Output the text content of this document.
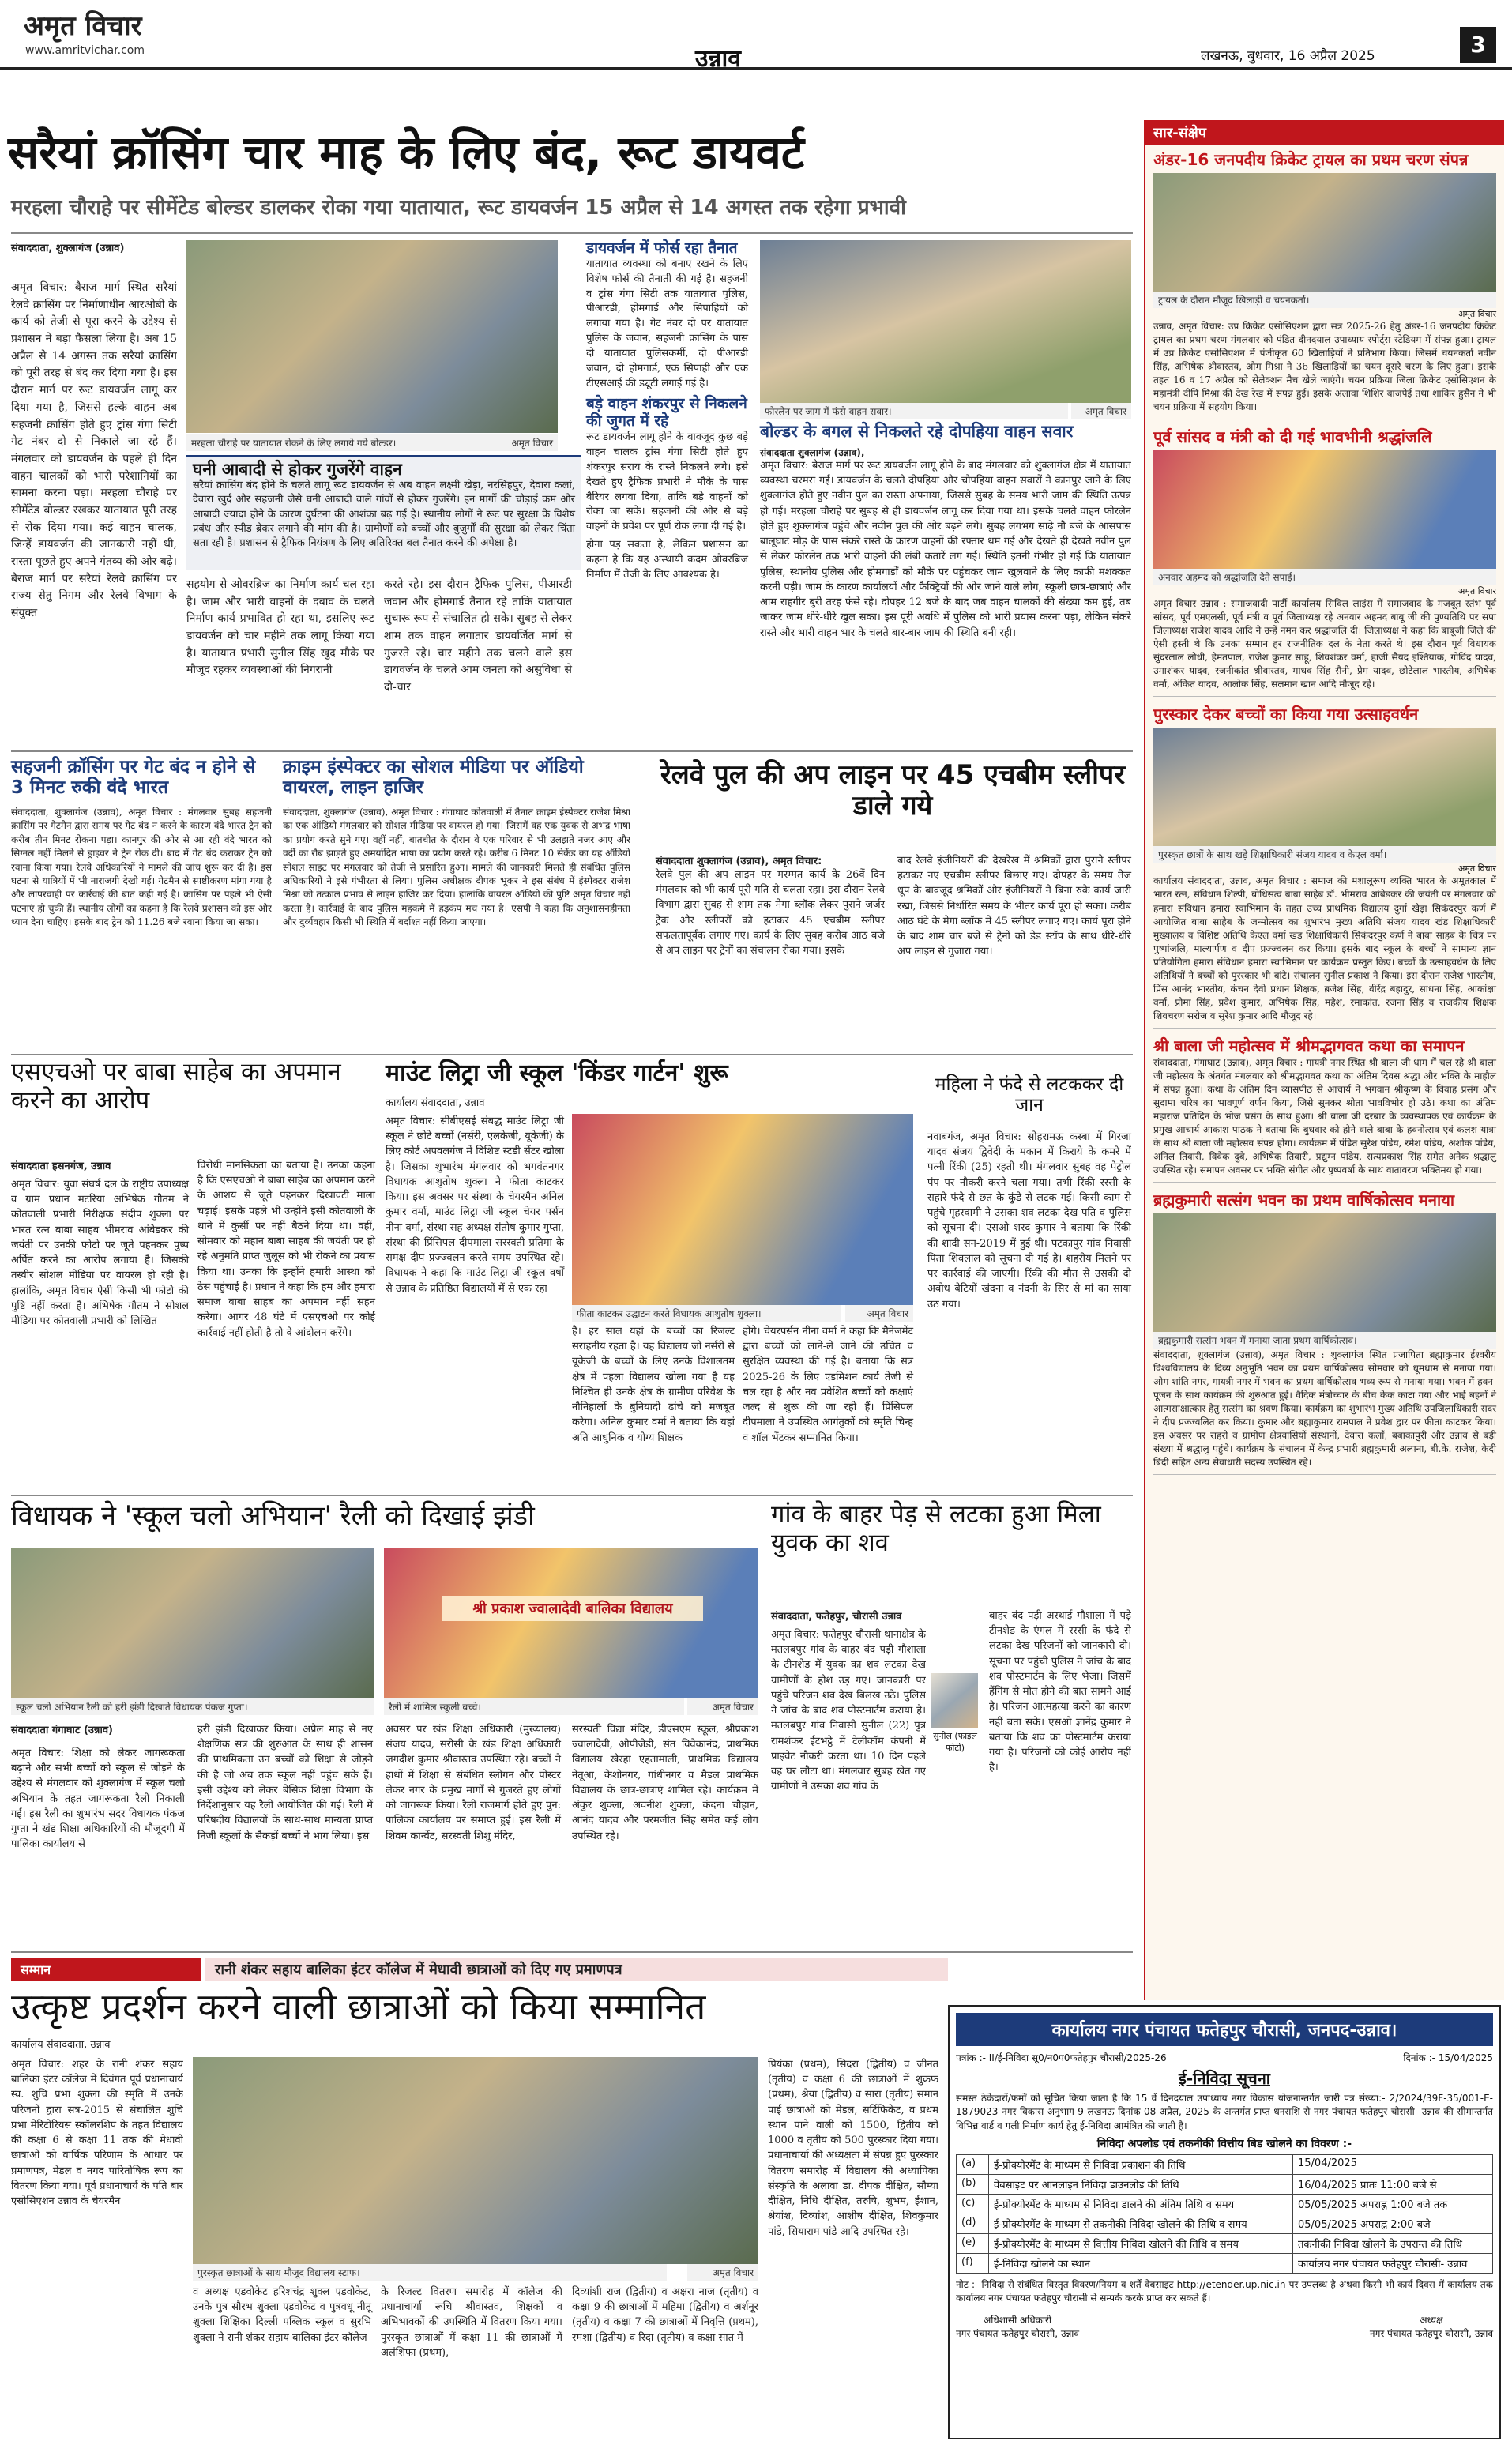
अमृत विचार
www.amritvichar.com	उन्नाव	लखनऊ, बुधवार, 16 अप्रैल 2025	3
सरैयां क्रॉसिंग चार माह के लिए बंद, रूट डायवर्ट
मरहला चौराहे पर सीमेंटेड बोल्डर डालकर रोका गया यातायात, रूट डायवर्जन 15 अप्रैल से 14 अगस्त तक रहेगा प्रभावी
संवाददाता, शुक्लागंज (उन्नाव)
अमृत विचार: बैराज मार्ग स्थित सरैयां रेलवे क्रासिंग पर निर्माणाधीन आरओबी के कार्य को तेजी से पूरा करने के उद्देश्य से प्रशासन ने बड़ा फैसला लिया है। अब 15 अप्रैल से 14 अगस्त तक सरैयां क्रासिंग को पूरी तरह से बंद कर दिया गया है। इस दौरान मार्ग पर रूट डायवर्जन लागू कर दिया गया है, जिससे हल्के वाहन अब सहजनी क्रासिंग होते हुए ट्रांस गंगा सिटी गेट नंबर दो से निकाले जा रहे हैं। मंगलवार को डायवर्जन के पहले ही दिन वाहन चालकों को भारी परेशानियों का सामना करना पड़ा। मरहला चौराहे पर सीमेंटेड बोल्डर रखकर यातायात पूरी तरह से रोक दिया गया। कई वाहन चालक, जिन्हें डायवर्जन की जानकारी नहीं थी, रास्ता पूछते हुए अपने गंतव्य की ओर बढ़े। बैराज मार्ग पर सरैयां रेलवे क्रासिंग पर राज्य सेतु निगम और रेलवे विभाग के संयुक्त
मरहला चौराहे पर यातायात रोकने के लिए लगाये गये बोल्डर।	अमृत विचार
घनी आबादी से होकर गुजरेंगे वाहन
सरैयां क्रासिंग बंद होने के चलते लागू रूट डायवर्जन से अब वाहन लक्ष्मी खेड़ा, नरसिंहपुर, देवारा कलां, देवारा खुर्द और सहजनी जैसे घनी आबादी वाले गांवों से होकर गुजरेंगे। इन मार्गों की चौड़ाई कम और आबादी ज्यादा होने के कारण दुर्घटना की आशंका बढ़ गई है। स्थानीय लोगों ने रूट पर सुरक्षा के विशेष प्रबंध और स्पीड ब्रेकर लगाने की मांग की है। ग्रामीणों को बच्चों और बुजुर्गों की सुरक्षा को लेकर चिंता सता रही है। प्रशासन से ट्रैफिक नियंत्रण के लिए अतिरिक्त बल तैनात करने की अपेक्षा है।
सहयोग से ओवरब्रिज का निर्माण कार्य चल रहा है। जाम और भारी वाहनों के दबाव के चलते निर्माण कार्य प्रभावित हो रहा था, इसलिए रूट डायवर्जन को चार महीने तक लागू किया गया है। यातायात प्रभारी सुनील सिंह खुद मौके पर मौजूद रहकर व्यवस्थाओं की निगरानी
करते रहे। इस दौरान ट्रैफिक पुलिस, पीआरडी जवान और होमगार्ड तैनात रहे ताकि यातायात सुचारू रूप से संचालित हो सके। सुबह से लेकर शाम तक वाहन लगातार डायवर्जित मार्ग से गुजरते रहे। चार महीने तक चलने वाले इस डायवर्जन के चलते आम जनता को असुविधा से दो-चार
डायवर्जन में फोर्स रहा तैनात
यातायात व्यवस्था को बनाए रखने के लिए विशेष फोर्स की तैनाती की गई है। सहजनी व ट्रांस गंगा सिटी तक यातायात पुलिस, पीआरडी, होमगार्ड और सिपाहियों को लगाया गया है। गेट नंबर दो पर यातायात पुलिस के जवान, सहजनी क्रासिंग के पास दो यातायात पुलिसकर्मी, दो पीआरडी जवान, दो होमगार्ड, एक सिपाही और एक टीएसआई की ड्यूटी लगाई गई है।
बड़े वाहन शंकरपुर से निकलने की जुगत में रहे
रूट डायवर्जन लागू होने के बावजूद कुछ बड़े वाहन चालक ट्रांस गंगा सिटी होते हुए शंकरपुर सराय के रास्ते निकलने लगे। इसे देखते हुए ट्रैफिक प्रभारी ने मौके के पास बैरियर लगवा दिया, ताकि बड़े वाहनों को रोका जा सके। सहजनी की ओर से बड़े वाहनों के प्रवेश पर पूर्ण रोक लगा दी गई है।
होना पड़ सकता है, लेकिन प्रशासन का कहना है कि यह अस्थायी कदम ओवरब्रिज निर्माण में तेजी के लिए आवश्यक है।
फोरलेन पर जाम में फंसे वाहन सवार।	अमृत विचार
बोल्डर के बगल से निकलते रहे दोपहिया वाहन सवार
संवाददाता शुक्लागंज (उन्नाव),
अमृत विचार: बैराज मार्ग पर रूट डायवर्जन लागू होने के बाद मंगलवार को शुक्लागंज क्षेत्र में यातायात व्यवस्था चरमरा गई। डायवर्जन के चलते दोपहिया और चौपहिया वाहन सवारों ने कानपुर जाने के लिए शुक्लागंज होते हुए नवीन पुल का रास्ता अपनाया, जिससे सुबह के समय भारी जाम की स्थिति उत्पन्न हो गई। मरहला चौराहे पर सुबह से ही डायवर्जन लागू कर दिया गया था। इसके चलते वाहन फोरलेन होते हुए शुक्लागंज पहुंचे और नवीन पुल की ओर बढ़ने लगे। सुबह लगभग साढ़े नौ बजे के आसपास बालूघाट मोड़ के पास संकरे रास्ते के कारण वाहनों की रफ्तार थम गई और देखते ही देखते नवीन पुल से लेकर फोरलेन तक भारी वाहनों की लंबी कतारें लग गईं। स्थिति इतनी गंभीर हो गई कि यातायात पुलिस, स्थानीय पुलिस और होमगार्डों को मौके पर पहुंचकर जाम खुलवाने के लिए काफी मशक्कत करनी पड़ी। जाम के कारण कार्यालयों और फैक्ट्रियों की ओर जाने वाले लोग, स्कूली छात्र-छात्राएं और आम राहगीर बुरी तरह फंसे रहे। दोपहर 12 बजे के बाद जब वाहन चालकों की संख्या कम हुई, तब जाकर जाम धीरे-धीरे खुल सका। इस पूरी अवधि में पुलिस को भारी प्रयास करना पड़ा, लेकिन संकरे रास्ते और भारी वाहन भार के चलते बार-बार जाम की स्थिति बनी रही।
सहजनी क्रॉसिंग पर गेट बंद न होने से 3 मिनट रुकी वंदे भारत
संवाददाता, शुक्लागंज (उन्नाव), अमृत विचार : मंगलवार सुबह सहजनी क्रासिंग पर गेटमैन द्वारा समय पर गेट बंद न करने के कारण वंदे भारत ट्रेन को करीब तीन मिनट रोकना पड़ा। कानपुर की ओर से आ रही वंदे भारत को सिग्नल नहीं मिलने से ड्राइवर ने ट्रेन रोक दी। बाद में गेट बंद कराकर ट्रेन को रवाना किया गया। रेलवे अधिकारियों ने मामले की जांच शुरू कर दी है। इस घटना से यात्रियों में भी नाराजगी देखी गई। गेटमैन से स्पष्टीकरण मांगा गया है और लापरवाही पर कार्रवाई की बात कही गई है। क्रासिंग पर पहले भी ऐसी घटनाएं हो चुकी हैं। स्थानीय लोगों का कहना है कि रेलवे प्रशासन को इस ओर ध्यान देना चाहिए। इसके बाद ट्रेन को 11.26 बजे रवाना किया जा सका।
क्राइम इंस्पेक्टर का सोशल मीडिया पर ऑडियो वायरल, लाइन हाजिर
संवाददाता, शुक्लागंज (उन्नाव), अमृत विचार : गंगाघाट कोतवाली में तैनात क्राइम इंस्पेक्टर राजेश मिश्रा का एक ऑडियो मंगलवार को सोशल मीडिया पर वायरल हो गया। जिसमें वह एक युवक से अभद्र भाषा का प्रयोग करते सुने गए। वहीं नहीं, बातचीत के दौरान वे एक परिवार से भी उलझते नजर आए और वर्दी का रौब झाड़ते हुए अमर्यादित भाषा का प्रयोग करते रहे। करीब 6 मिनट 10 सेकेंड का यह ऑडियो सोशल साइट पर मंगलवार को तेजी से प्रसारित हुआ। मामले की जानकारी मिलते ही संबंधित पुलिस अधिकारियों ने इसे गंभीरता से लिया। पुलिस अधीक्षक दीपक भूकर ने इस संबंध में इंस्पेक्टर राजेश मिश्रा को तत्काल प्रभाव से लाइन हाजिर कर दिया। हालांकि वायरल ऑडियो की पुष्टि अमृत विचार नहीं करता है। कार्रवाई के बाद पुलिस महकमे में हड़कंप मच गया है। एसपी ने कहा कि अनुशासनहीनता और दुर्व्यवहार किसी भी स्थिति में बर्दाश्त नहीं किया जाएगा।
रेलवे पुल की अप लाइन पर 45 एचबीम स्लीपर डाले गये
संवाददाता शुक्लागंज (उन्नाव), अमृत विचार:
रेलवे पुल की अप लाइन पर मरम्मत कार्य के 26वें दिन मंगलवार को भी कार्य पूरी गति से चलता रहा। इस दौरान रेलवे विभाग द्वारा सुबह से शाम तक मेगा ब्लॉक लेकर पुराने जर्जर ट्रैक और स्लीपरों को हटाकर 45 एचबीम स्लीपर सफलतापूर्वक लगाए गए। कार्य के लिए सुबह करीब आठ बजे से अप लाइन पर ट्रेनों का संचालन रोका गया। इसके
बाद रेलवे इंजीनियरों की देखरेख में श्रमिकों द्वारा पुराने स्लीपर हटाकर नए एचबीम स्लीपर बिछाए गए। दोपहर के समय तेज धूप के बावजूद श्रमिकों और इंजीनियरों ने बिना रुके कार्य जारी रखा, जिससे निर्धारित समय के भीतर कार्य पूरा हो सका। करीब आठ घंटे के मेगा ब्लॉक में 45 स्लीपर लगाए गए। कार्य पूरा होने के बाद शाम चार बजे से ट्रेनों को डेड स्टॉप के साथ धीरे-धीरे अप लाइन से गुजारा गया।
एसएचओ पर बाबा साहेब का अपमान करने का आरोप
संवाददाता हसनगंज, उन्नाव
अमृत विचार: युवा संघर्ष दल के राष्ट्रीय उपाध्यक्ष व ग्राम प्रधान मटरिया अभिषेक गौतम ने कोतवाली प्रभारी निरीक्षक संदीप शुक्ला पर भारत रत्न बाबा साहब भीमराव आंबेडकर की जयंती पर उनकी फोटो पर जूते पहनकर पुष्प अर्पित करने का आरोप लगाया है। जिसकी तस्वीर सोशल मीडिया पर वायरल हो रही है। हालांकि, अमृत विचार ऐसी किसी भी फोटो की पुष्टि नहीं करता है। अभिषेक गौतम ने सोशल मीडिया पर कोतवाली प्रभारी को लिखित
विरोधी मानसिकता का बताया है। उनका कहना है कि एसएचओ ने बाबा साहेब का अपमान करने के आशय से जूते पहनकर दिखावटी माला चढ़ाई। इसके पहले भी उन्होंने इसी कोतवाली के थाने में कुर्सी पर नहीं बैठने दिया था। वहीं, सोमवार को महान बाबा साहब की जयंती पर हो रहे अनुमति प्राप्त जुलूस को भी रोकने का प्रयास किया था। उनका कि इन्होंने हमारी आस्था को ठेस पहुंचाई है। प्रधान ने कहा कि हम और हमारा समाज बाबा साहब का अपमान नहीं सहन करेगा। आगर 48 घंटे में एसएचओ पर कोई कार्रवाई नहीं होती है तो वे आंदोलन करेंगे।
माउंट लिट्रा जी स्कूल 'किंडर गार्टन' शुरू
कार्यालय संवाददाता, उन्नाव
फीता काटकर उद्घाटन करते विधायक आशुतोष शुक्ला।	अमृत विचार
अमृत विचार: सीबीएसई संबद्ध माउंट लिट्रा जी स्कूल ने छोटे बच्चों (नर्सरी, एलकेजी, यूकेजी) के लिए कोर्ट अपवलगंज में विशिष्ट स्टडी सेंटर खोला है। जिसका शुभारंभ मंगलवार को भगवंतनगर विधायक आशुतोष शुक्ला ने फीता काटकर किया। इस अवसर पर संस्था के चेयरमैन अनिल कुमार वर्मा, माउंट लिट्रा जी स्कूल चेयर पर्सन नीना वर्मा, संस्था सह अध्यक्ष संतोष कुमार गुप्ता, संस्था की प्रिंसिपल दीपमाला सरस्वती प्रतिमा के समक्ष दीप प्रज्ज्वलन करते समय उपस्थित रहे। विधायक ने कहा कि माउंट लिट्रा जी स्कूल वर्षों से उन्नाव के प्रतिष्ठित विद्यालयों में से एक रहा
है। हर साल यहां के बच्चों का रिजल्ट सराहनीय रहता है। यह विद्यालय जो नर्सरी से यूकेजी के बच्चों के लिए उनके विशालतम क्षेत्र में पहला विद्यालय खोला गया है यह निश्चित ही उनके क्षेत्र के ग्रामीण परिवेश के नौनिहालों के बुनियादी ढांचे को मजबूत करेगा। अनिल कुमार वर्मा ने बताया कि यहां अति आधुनिक व योग्य शिक्षक
होंगे। चेयरपर्सन नीना वर्मा ने कहा कि मैनेजमेंट द्वारा बच्चों को लाने-ले जाने की उचित व सुरक्षित व्यवस्था की गई है। बताया कि सत्र 2025-26 के लिए एडमिशन कार्य तेजी से चल रहा है और नव प्रवेशित बच्चों को कक्षाएं जल्द से शुरू की जा रही हैं। प्रिंसिपल दीपमाला ने उपस्थित आगंतुकों को स्मृति चिन्ह व शॉल भेंटकर सम्मानित किया।
महिला ने फंदे से लटककर दी जान
नवाबगंज, अमृत विचार: सोहरामऊ कस्बा में गिरजा यादव संजय द्विवेदी के मकान में किराये के कमरे में पत्नी रिंकी (25) रहती थी। मंगलवार सुबह वह पेट्रोल पंप पर नौकरी करने चला गया। तभी रिंकी रस्सी के सहारे फंदे से छत के कुंडे से लटक गई। किसी काम से पहुंचे गृहस्वामी ने उसका शव लटका देख पति व पुलिस को सूचना दी। एसओ शरद कुमार ने बताया कि रिंकी की शादी सन-2019 में हुई थी। पटकापुर गांव निवासी पिता शिवलाल को सूचना दी गई है। शहरीय मिलने पर पर कार्रवाई की जाएगी। रिंकी की मौत से उसकी दो अबोध बेटियों खंदना व नंदनी के सिर से मां का साया उठ गया।
विधायक ने 'स्कूल चलो अभियान' रैली को दिखाई झंडी
स्कूल चलो अभियान रैली को हरी झंडी दिखाते विधायक पंकज गुप्ता।
श्री प्रकाश ज्वालादेवी बालिका विद्यालय
रैली में शामिल स्कूली बच्चे।	अमृत विचार
संवाददाता गंगाघाट (उन्नाव)
अमृत विचार: शिक्षा को लेकर जागरूकता बढ़ाने और सभी बच्चों को स्कूल से जोड़ने के उद्देश्य से मंगलवार को शुक्लागंज में स्कूल चलो अभियान के तहत जागरूकता रैली निकाली गई। इस रैली का शुभारंभ सदर विधायक पंकज गुप्ता ने खंड शिक्षा अधिकारियों की मौजूदगी में पालिका कार्यालय से
हरी झंडी दिखाकर किया। अप्रैल माह से नए शैक्षणिक सत्र की शुरुआत के साथ ही शासन की प्राथमिकता उन बच्चों को शिक्षा से जोड़ने की है जो अब तक स्कूल नहीं पहुंच सके हैं। इसी उद्देश्य को लेकर बेसिक शिक्षा विभाग के निर्देशानुसार यह रैली आयोजित की गई। रैली में परिषदीय विद्यालयों के साथ-साथ मान्यता प्राप्त निजी स्कूलों के सैकड़ों बच्चों ने भाग लिया। इस
अवसर पर खंड शिक्षा अधिकारी (मुख्यालय) संजय यादव, सरोसी के खंड शिक्षा अधिकारी जगदीश कुमार श्रीवास्तव उपस्थित रहे। बच्चों ने हाथों में शिक्षा से संबंधित स्लोगन और पोस्टर लेकर नगर के प्रमुख मार्गों से गुजरते हुए लोगों को जागरूक किया। रैली राजमार्ग होते हुए पुन: पालिका कार्यालय पर समाप्त हुई। इस रैली में शिवम कान्वेंट, सरस्वती शिशु मंदिर,
सरस्वती विद्या मंदिर, डीएसएम स्कूल, श्रीप्रकाश ज्वालादेवी, ओपीजेडी, संत विवेकानंद, प्राथमिक विद्यालय खैरहा एहतामाली, प्राथमिक विद्यालय नेतूआ, केशोनगर, गांधीनगर व मैडल प्राथमिक विद्यालय के छात्र-छात्राएं शामिल रहे। कार्यक्रम में अंकुर शुक्ला, अवनीश शुक्ला, कंदना चौहान, आनंद यादव और परमजीत सिंह समेत कई लोग उपस्थित रहे।
गांव के बाहर पेड़ से लटका हुआ मिला युवक का शव
संवाददाता, फतेहपुर, चौरासी उन्नाव
अमृत विचार: फतेहपुर चौरासी थानाक्षेत्र के मतलबपुर गांव के बाहर बंद पड़ी गौशाला के टीनशेड में युवक का शव लटका देख ग्रामीणों के होश उड़ गए। जानकारी पर पहुंचे परिजन शव देख बिलख उठे। पुलिस ने जांच के बाद शव पोस्टमार्टम कराया है। मतलबपुर गांव निवासी सुनील (22) पुत्र रामशंकर ईंटभट्ठे में टेलीकॉम कंपनी में प्राइवेट नौकरी करता था। 10 दिन पहले वह घर लौटा था। मंगलवार सुबह खेत गए ग्रामीणों ने उसका शव गांव के
सुनील (फाइल फोटो)
बाहर बंद पड़ी अस्थाई गौशाला में पड़े टीनशेड के एंगल में रस्सी के फंदे से लटका देख परिजनों को जानकारी दी। सूचना पर पहुंची पुलिस ने जांच के बाद शव पोस्टमार्टम के लिए भेजा। जिसमें हैंगिंग से मौत होने की बात सामने आई है। परिजन आत्महत्या करने का कारण नहीं बता सके। एसओ ज्ञानेंद्र कुमार ने बताया कि शव का पोस्टमार्टम कराया गया है। परिजनों को कोई आरोप नहीं है।
सम्मान	रानी शंकर सहाय बालिका इंटर कॉलेज में मेधावी छात्राओं को दिए गए प्रमाणपत्र
उत्कृष्ट प्रदर्शन करने वाली छात्राओं को किया सम्मानित
कार्यालय संवाददाता, उन्नाव
अमृत विचार: शहर के रानी शंकर सहाय बालिका इंटर कॉलेज में दिवंगत पूर्व प्रधानाचार्य स्व. शुचि प्रभा शुक्ला की स्मृति में उनके परिजनों द्वारा सत्र-2015 से संचालित शुचि प्रभा मेरिटोरियस स्कॉलरशिप के तहत विद्यालय की कक्षा 6 से कक्षा 11 तक की मेधावी छात्राओं को वार्षिक परिणाम के आधार पर प्रमाणपत्र, मेडल व नगद पारितोषिक रूप का वितरण किया गया। पूर्व प्रधानाचार्य के पति बार एसोसिएशन उन्नाव के चेयरमैन
पुरस्कृत छात्राओं के साथ मौजूद विद्यालय स्टाफ।	अमृत विचार
व अध्यक्ष एडवोकेट हरिशचंद्र शुक्ल एडवोकेट, उनके पुत्र सौरभ शुक्ला एडवोकेट व पुत्रवधू नीतू शुक्ला शिक्षिका दिल्ली पब्लिक स्कूल व सुरभि शुक्ला ने रानी शंकर सहाय बालिका इंटर कॉलेज
के रिजल्ट वितरण समारोह में कॉलेज की प्रधानाचार्या रूचि श्रीवास्तव, शिक्षकों व अभिभावकों की उपस्थिति में वितरण किया गया। पुरस्कृत छात्राओं में कक्षा 11 की छात्राओं में अलंशिफा (प्रथम),
दिव्यांशी राज (द्वितीय) व अक्षरा नाज (तृतीय) व कक्षा 9 की छात्राओं में महिमा (द्वितीय) व अर्शनूर (तृतीय) व कक्षा 7 की छात्राओं में निवृत्ति (प्रथम), रमशा (द्वितीय) व रिदा (तृतीय) व कक्षा सात में
प्रियंका (प्रथम), सिदरा (द्वितीय) व जीनत (तृतीय) व कक्षा 6 की छात्राओं में शुक्रफ (प्रथम), श्रेया (द्वितीय) व सारा (तृतीय) समान पाई छात्राओं को मेडल, सर्टिफिकेट, व प्रथम स्थान पाने वाली को 1500, द्वितीय को 1000 व तृतीय को 500 पुरस्कार दिया गया। प्रधानाचार्या की अध्यक्षता में संपन्न हुए पुरस्कार वितरण समारोह में विद्यालय की अध्यापिका संस्कृति के अलावा डा. दीपक दीक्षित, सौम्या दीक्षित, निधि दीक्षित, तरुषि, शुभम, ईशान, श्रेयांश, दिव्यांश, आशीष दीक्षित, शिवकुमार पांडे, सियाराम पांडे आदि उपस्थित रहे।
कार्यालय नगर पंचायत फतेहपुर चौरासी, जनपद-उन्नाव।
पत्रांक :- II/ई-निविदा सू0/न0प0फतेहपुर चौरासी/2025-26	दिनांक :- 15/04/2025
ई-निविदा सूचना
समस्त ठेकेदारों/फर्मों को सूचित किया जाता है कि 15 वें दिनदयाल उपाध्याय नगर विकास योजनान्तर्गत जारी पत्र संख्या:- 2/2024/39F-35/001-E-1879023 नगर विकास अनुभाग-9 लखनऊ दिनांक-08 अप्रैल, 2025 के अन्तर्गत प्राप्त धनराशि से नगर पंचायत फतेहपुर चौरासी- उन्नाव की सीमान्तर्गत विभिन्न वार्ड व गली निर्माण कार्य हेतु ई-निविदा आमंत्रित की जाती है।
निविदा अपलोड एवं तकनीकी वित्तीय बिड खोलने का विवरण :-
(a)	ई-प्रोक्योरमेंट के माध्यम से निविदा प्रकाशन की तिथि	15/04/2025
(b)	वेबसाइट पर आनलाइन निविदा डाउनलोड की तिथि	16/04/2025 प्रातः 11:00 बजे से
(c)	ई-प्रोक्योरमेंट के माध्यम से निविदा डालने की अंतिम तिथि व समय	05/05/2025 अपराह्न 1:00 बजे तक
(d)	ई-प्रोक्योरमेंट के माध्यम से तकनीकी निविदा खोलने की तिथि व समय	05/05/2025 अपराह्न 2:00 बजे
(e)	ई-प्रोक्योरमेंट के माध्यम से वित्तीय निविदा खोलने की तिथि व समय	तकनीकी निविदा खोलने के उपरान्त की तिथि
(f)	ई-निविदा खोलने का स्थान	कार्यालय नगर पंचायत फतेहपुर चौरासी- उन्नाव
नोट :- निविदा से संबंधित विस्तृत विवरण/नियम व शर्तें वेबसाइट http://etender.up.nic.in पर उपलब्ध है अथवा किसी भी कार्य दिवस में कार्यालय तक कार्यालय नगर पंचायत फतेहपुर चौरासी से सम्पर्क करके प्राप्त कर सकते हैं।
अधिशासी अधिकारी
नगर पंचायत फतेहपुर चौरासी, उन्नाव
अध्यक्ष
नगर पंचायत फतेहपुर चौरासी, उन्नाव
सार-संक्षेप
अंडर-16 जनपदीय क्रिकेट ट्रायल का प्रथम चरण संपन्न
ट्रायल के दौरान मौजूद खिलाड़ी व चयनकर्ता।
अमृत विचार
उन्नाव, अमृत विचार: उप्र क्रिकेट एसोसिएशन द्वारा सत्र 2025-26 हेतु अंडर-16 जनपदीय क्रिकेट ट्रायल का प्रथम चरण मंगलवार को पंडित दीनदयाल उपाध्याय स्पोर्ट्स स्टेडियम में संपन्न हुआ। ट्रायल में उप्र क्रिकेट एसोसिएशन में पंजीकृत 60 खिलाड़ियों ने प्रतिभाग किया। जिसमें चयनकर्ता नवीन सिंह, अभिषेक श्रीवास्तव, ओम मिश्रा ने 36 खिलाड़ियों का चयन दूसरे चरण के लिए हुआ। इसके तहत 16 व 17 अप्रैल को सेलेक्शन मैच खेले जाएंगे। चयन प्रक्रिया जिला क्रिकेट एसोसिएशन के महामंत्री दीपि मिश्रा की देख रेख में संपन्न हुई। इसके अलावा शिशिर बाजपेई तथा शाकिर हुसैन ने भी चयन प्रक्रिया में सहयोग किया।
पूर्व सांसद व मंत्री को दी गई भावभीनी श्रद्धांजलि
अनवार अहमद को श्रद्धांजलि देते सपाई।
अमृत विचार
अमृत विचार उन्नाव : समाजवादी पार्टी कार्यालय सिविल लाइंस में समाजवाद के मजबूत स्तंभ पूर्व सांसद, पूर्व एमएलसी, पूर्व मंत्री व पूर्व जिलाध्यक्ष रहे अनवार अहमद बाबू जी की पुण्यतिथि पर सपा जिलाध्यक्ष राजेश यादव आदि ने उन्हें नमन कर श्रद्धांजलि दी। जिलाध्यक्ष ने कहा कि बाबूजी जिले की ऐसी हस्ती थे कि उनका सम्मान हर राजनीतिक दल के नेता करते थे। इस दौरान पूर्व विधायक सुंदरलाल लोधी, हेमंतपाल, राजेश कुमार साहू, शिवशंकर वर्मा, हाजी सैयद इश्तियाक, गोविंद यादव, उमाशंकर यादव, रजनीकांत श्रीवास्तव, माधव सिंह सैनी, प्रेम यादव, छोटेलाल भारतीय, अभिषेक वर्मा, अंकित यादव, आलोक सिंह, सलमान खान आदि मौजूद रहे।
पुरस्कार देकर बच्चों का किया गया उत्साहवर्धन
पुरस्कृत छात्रों के साथ खड़े शिक्षाधिकारी संजय यादव व केएल वर्मा।
अमृत विचार
कार्यालय संवाददाता, उन्नाव, अमृत विचार : समाज की मशालूरूप व्यक्ति भारत के अमूतकाल में भारत रत्न, संविधान शिल्पी, बोधिसत्व बाबा साहेब डॉ. भीमराव आंबेडकर की जयंती पर मंगलवार को हमारा संविधान हमारा स्वाभिमान के तहत उच्च प्राथमिक विद्यालय दुर्गा खेड़ा सिकंदरपुर कर्ण में आयोजित बाबा साहेब के जन्मोत्सव का शुभारंभ मुख्य अतिथि संजय यादव खंड शिक्षाधिकारी मुख्यालय व विशिष्ट अतिथि केएल वर्मा खंड शिक्षाधिकारी सिकंदरपुर कर्ण ने बाबा साहब के चित्र पर पुष्पांजलि, माल्यार्पण व दीप प्रज्ज्वलन कर किया। इसके बाद स्कूल के बच्चों ने सामान्य ज्ञान प्रतियोगिता हमारा संविधान हमारा स्वाभिमान पर कार्यक्रम प्रस्तुत किए। बच्चों के उत्साहवर्धन के लिए अतिथियों ने बच्चों को पुरस्कार भी बांटे। संचालन सुनील प्रकाश ने किया। इस दौरान राजेश भारतीय, प्रिंस आनंद भारतीय, कंचन देवी प्रधान शिक्षक, ब्रजेश सिंह, वीरेंद्र बहादुर, साधना सिंह, आकांक्षा वर्मा, प्रोमा सिंह, प्रवेश कुमार, अभिषेक सिंह, महेश, रमाकांत, रजना सिंह व राजकीय शिक्षक शिवचरण सरोज व सुरेश कुमार आदि मौजूद रहे।
श्री बाला जी महोत्सव में श्रीमद्भागवत कथा का समापन
संवाददाता, गंगाघाट (उन्नाव), अमृत विचार : गायत्री नगर स्थित श्री बाला जी धाम में चल रहे श्री बाला जी महोत्सव के अंतर्गत मंगलवार को श्रीमद्भागवत कथा का अंतिम दिवस श्रद्धा और भक्ति के माहौल में संपन्न हुआ। कथा के अंतिम दिन व्यासपीठ से आचार्य ने भगवान श्रीकृष्ण के विवाह प्रसंग और सुदामा चरित्र का भावपूर्ण वर्णन किया, जिसे सुनकर श्रोता भावविभोर हो उठे। कथा का अंतिम महाराज प्रतिदिन के भोज प्रसंग के साथ हुआ। श्री बाला जी दरबार के व्यवस्थापक एवं कार्यक्रम के प्रमुख आचार्य आकाश पाठक ने बताया कि बुधवार को होने वाले बाबा के हवनोत्सव एवं कलश यात्रा के साथ श्री बाला जी महोत्सव संपन्न होगा। कार्यक्रम में पंडित सुरेश पांडेय, रमेश पांडेय, अशोक पांडेय, अनिल तिवारी, विवेक दुबे, अभिषेक तिवारी, प्रद्युम्न पांडेय, सत्यप्रकाश सिंह समेत अनेक श्रद्धालु उपस्थित रहे। समापन अवसर पर भक्ति संगीत और पुष्पवर्षा के साथ वातावरण भक्तिमय हो गया।
ब्रह्मकुमारी सत्संग भवन का प्रथम वार्षिकोत्सव मनाया
ब्रह्मकुमारी सत्संग भवन में मनाया जाता प्रथम वार्षिकोत्सव।
संवाददाता, शुक्लागंज (उन्नाव), अमृत विचार : शुक्लागंज स्थित प्रजापिता ब्रह्माकुमार ईश्वरीय विश्वविद्यालय के दिव्य अनुभूति भवन का प्रथम वार्षिकोत्सव सोमवार को धूमधाम से मनाया गया। ओम शांति नगर, गायत्री नगर में भवन का प्रथम वार्षिकोत्सव भव्य रूप से मनाया गया। भवन में हवन-पूजन के साथ कार्यक्रम की शुरुआत हुई। वैदिक मंत्रोच्चार के बीच केक काटा गया और भाई बहनों ने आत्मसाक्षात्कार हेतु सत्संग का श्रवण किया। कार्यक्रम का शुभारंभ मुख्य अतिथि उपजिलाधिकारी सदर ने दीप प्रज्ज्वलित कर किया। कुमार और ब्रह्माकुमार रामपाल ने प्रवेश द्वार पर फीता काटकर किया। इस अवसर पर राहरो व ग्रामीण क्षेत्रवासियों संस्थानों, देवारा कलाँ, बबाकापुरी और उन्नाव से बड़ी संख्या में श्रद्धालु पहुंचे। कार्यक्रम के संचालन में केन्द्र प्रभारी ब्रह्मकुमारी अल्पना, बी.के. राजेश, केदी बिंदी सहित अन्य सेवाधारी सदस्य उपस्थित रहे।
